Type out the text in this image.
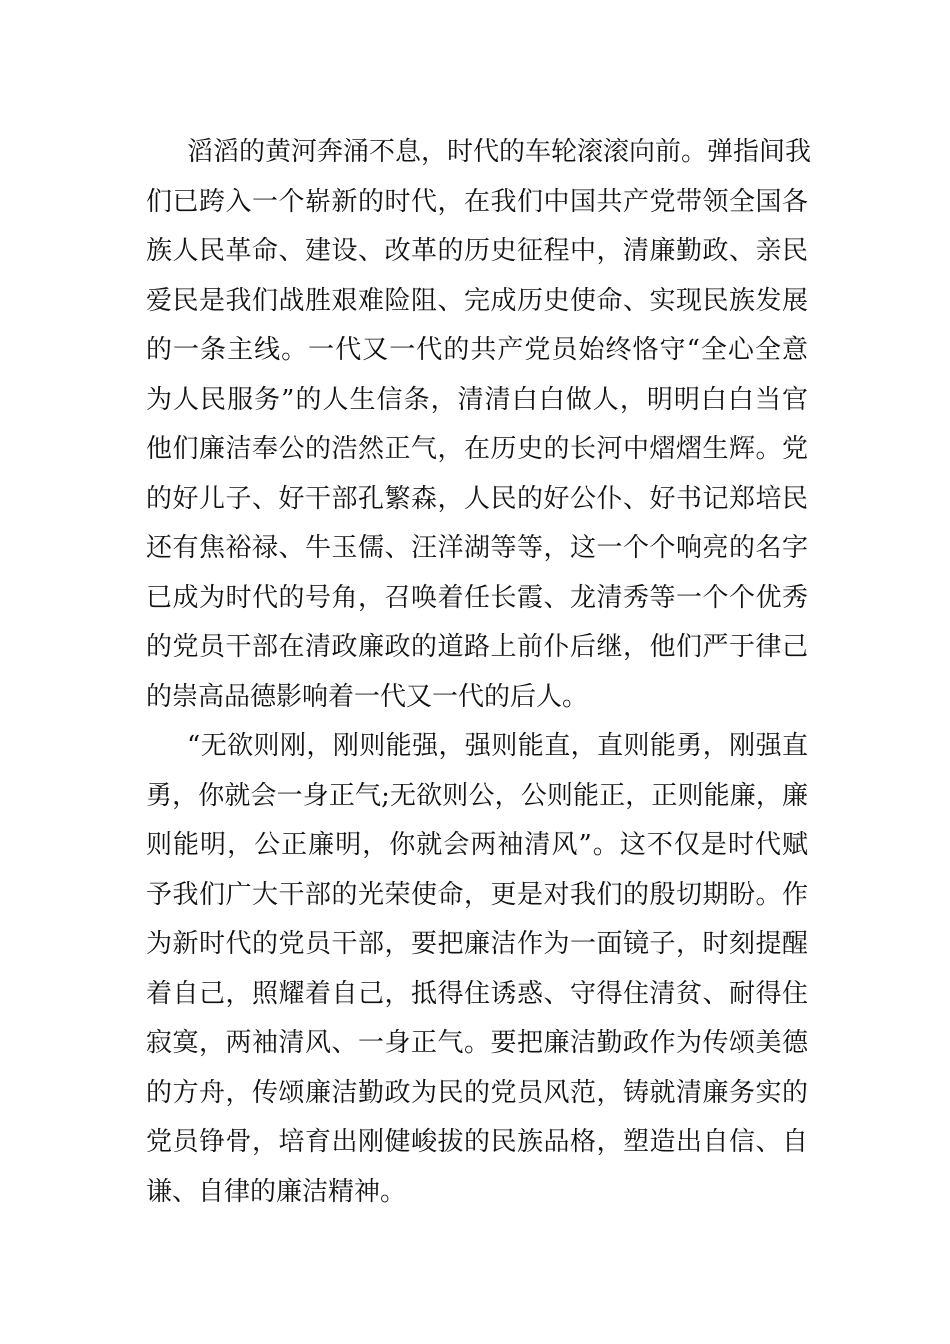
滔滔的黄河奔涌不息，时代的车轮滚滚向前。弹指间我
们已跨入一个崭新的时代，在我们中国共产党带领全国各
族人民革命、建设、改革的历史征程中，清廉勤政、亲民
爱民是我们战胜艰难险阻、完成历史使命、实现民族发展
的一条主线。一代又一代的共产党员始终恪守“全心全意
为人民服务”的人生信条，清清白白做人，明明白白当官
他们廉洁奉公的浩然正气，在历史的长河中熠熠生辉。党
的好儿子、好干部孔繁森，人民的好公仆、好书记郑培民
还有焦裕禄、牛玉儒、汪洋湖等等，这一个个响亮的名字
已成为时代的号角，召唤着任长霞、龙清秀等一个个优秀
的党员干部在清政廉政的道路上前仆后继，他们严于律己
的崇高品德影响着一代又一代的后人。

“无欲则刚，刚则能强，强则能直，直则能勇，刚强直
勇，你就会一身正气;无欲则公，公则能正，正则能廉，廉
则能明，公正廉明，你就会两袖清风”。这不仅是时代赋
予我们广大干部的光荣使命，更是对我们的殷切期盼。作
为新时代的党员干部，要把廉洁作为一面镜子，时刻提醒
着自己，照耀着自己，抵得住诱惑、守得住清贫、耐得住
寂寞，两袖清风、一身正气。要把廉洁勤政作为传颂美德
的方舟，传颂廉洁勤政为民的党员风范，铸就清廉务实的
党员铮骨，培育出刚健峻拔的民族品格，塑造出自信、自
谦、自律的廉洁精神。
